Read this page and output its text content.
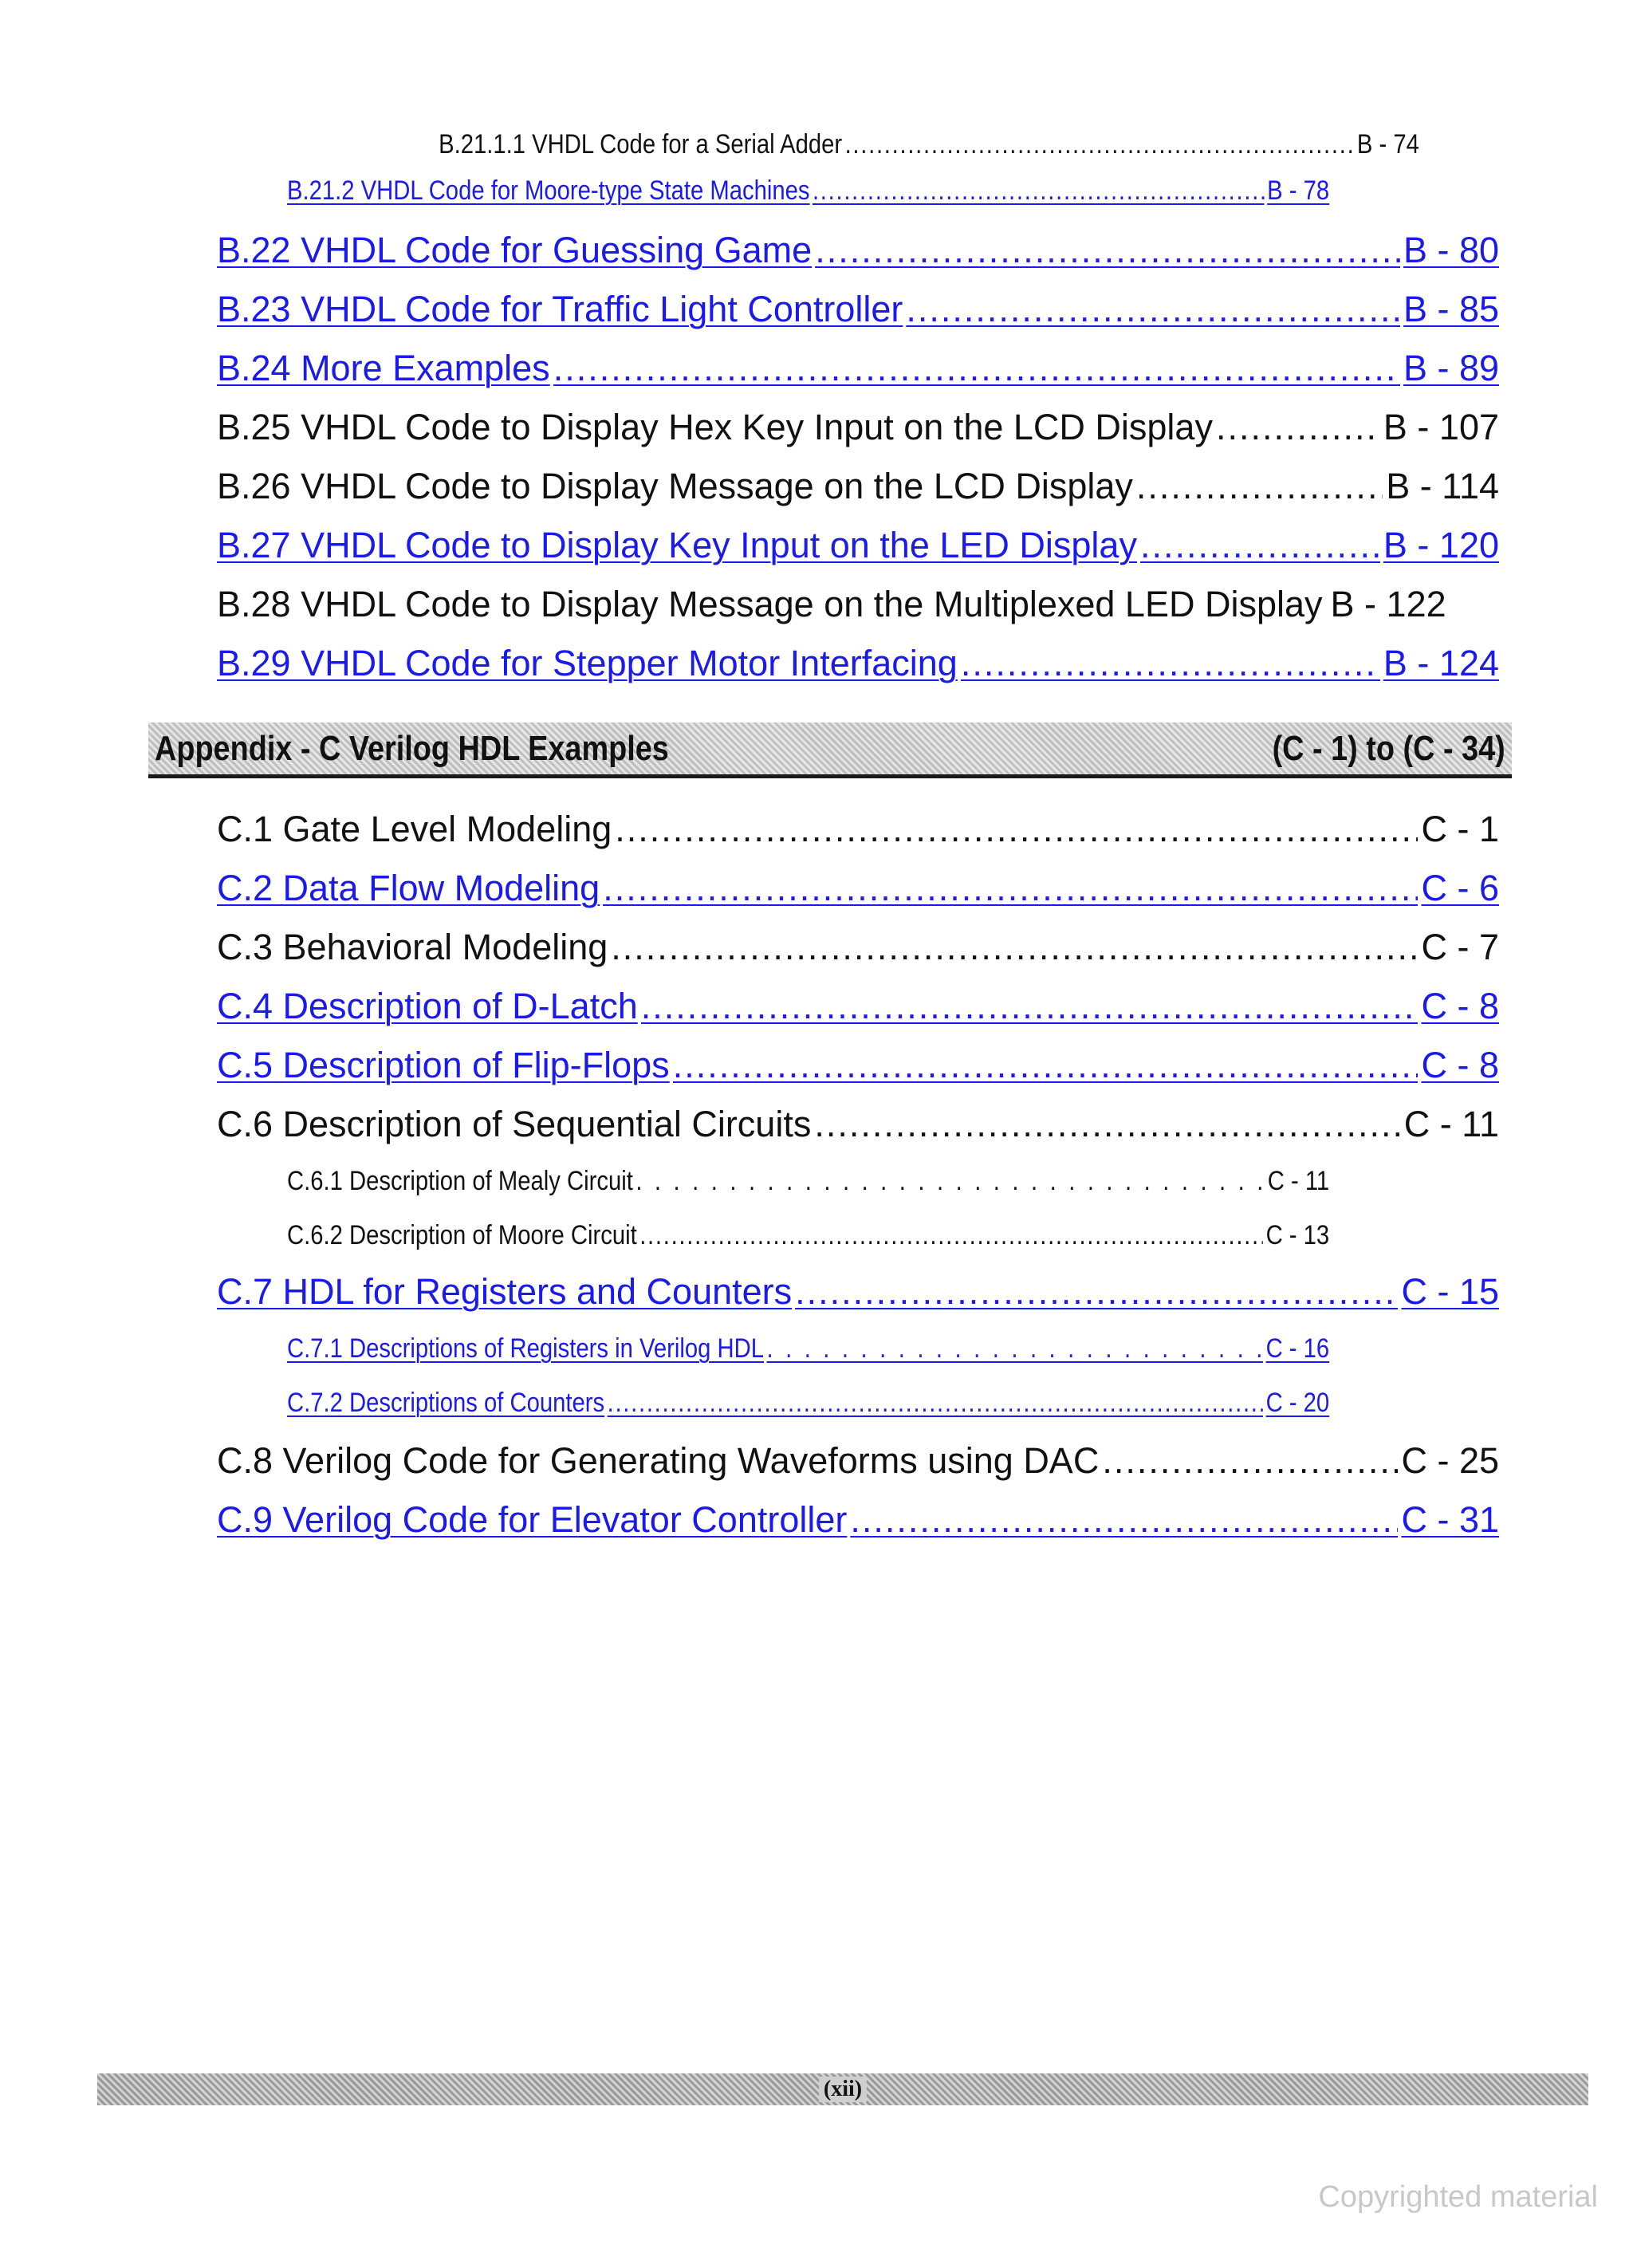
B.21.1.1 VHDL Code for a Serial Adder .....	B - 74
B.21.2 VHDL Code for Moore-type State Machines .....	B - 78
B.22 VHDL Code for Guessing Game .....	B - 80
B.23 VHDL Code for Traffic Light Controller .....	B - 85
B.24 More Examples .....	B - 89
B.25 VHDL Code to Display Hex Key Input on the LCD Display .....	B - 107
B.26 VHDL Code to Display Message on the LCD Display .....	B - 114
B.27 VHDL Code to Display Key Input on the LED Display .....	B - 120
B.28 VHDL Code to Display Message on the Multiplexed LED Display B - 122
B.29 VHDL Code for Stepper Motor Interfacing .....	B - 124
Appendix - C Verilog HDL Examples	(C - 1) to (C - 34)
C.1 Gate Level Modeling .....	C - 1
C.2 Data Flow Modeling .....	C - 6
C.3 Behavioral Modeling .....	C - 7
C.4 Description of D-Latch .....	C - 8
C.5 Description of Flip-Flops .....	C - 8
C.6 Description of Sequential Circuits .....	C - 11
C.6.1 Description of Mealy Circuit .....	C - 11
C.6.2 Description of Moore Circuit .....	C - 13
C.7 HDL for Registers and Counters .....	C - 15
C.7.1 Descriptions of Registers in Verilog HDL .....	C - 16
C.7.2 Descriptions of Counters .....	C - 20
C.8 Verilog Code for Generating Waveforms using DAC .....	C - 25
C.9 Verilog Code for Elevator Controller .....	C - 31
(xii)
Copyrighted material
